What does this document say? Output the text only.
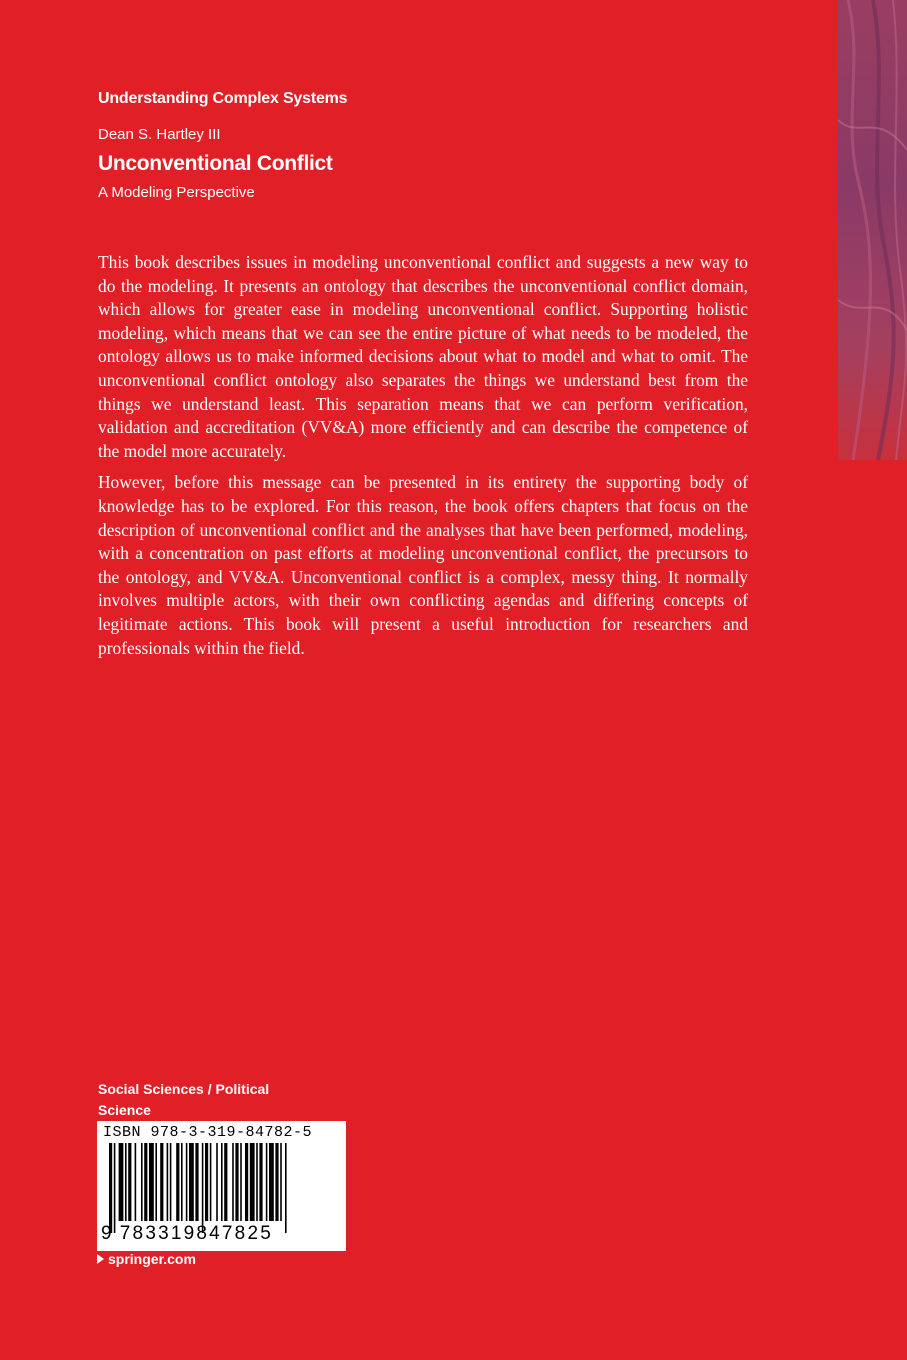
Understanding Complex Systems
Dean S. Hartley III
Unconventional Conflict
A Modeling Perspective

This book describes issues in modeling unconventional conflict and suggests a new way to do the modeling. It presents an ontology that describes the unconventional conflict domain, which allows for greater ease in modeling unconventional conflict. Supporting holistic modeling, which means that we can see the entire picture of what needs to be modeled, the ontology allows us to make informed decisions about what to model and what to omit. The unconventional conflict ontology also separates the things we understand best from the things we understand least. This separation means that we can perform verification, validation and accreditation (VV&A) more efficiently and can describe the competence of the model more accurately.

However, before this message can be presented in its entirety the supporting body of knowledge has to be explored. For this reason, the book offers chapters that focus on the description of unconventional conflict and the analyses that have been performed, modeling, with a concentration on past efforts at modeling unconventional conflict, the precursors to the ontology, and VV&A. Unconventional conflict is a complex, messy thing. It normally involves multiple actors, with their own conflicting agendas and differing concepts of legitimate actions. This book will present a useful introduction for researchers and professionals within the field.

Social Sciences / Political Science
ISBN 978-3-319-84782-5
9 783319847825
springer.com
